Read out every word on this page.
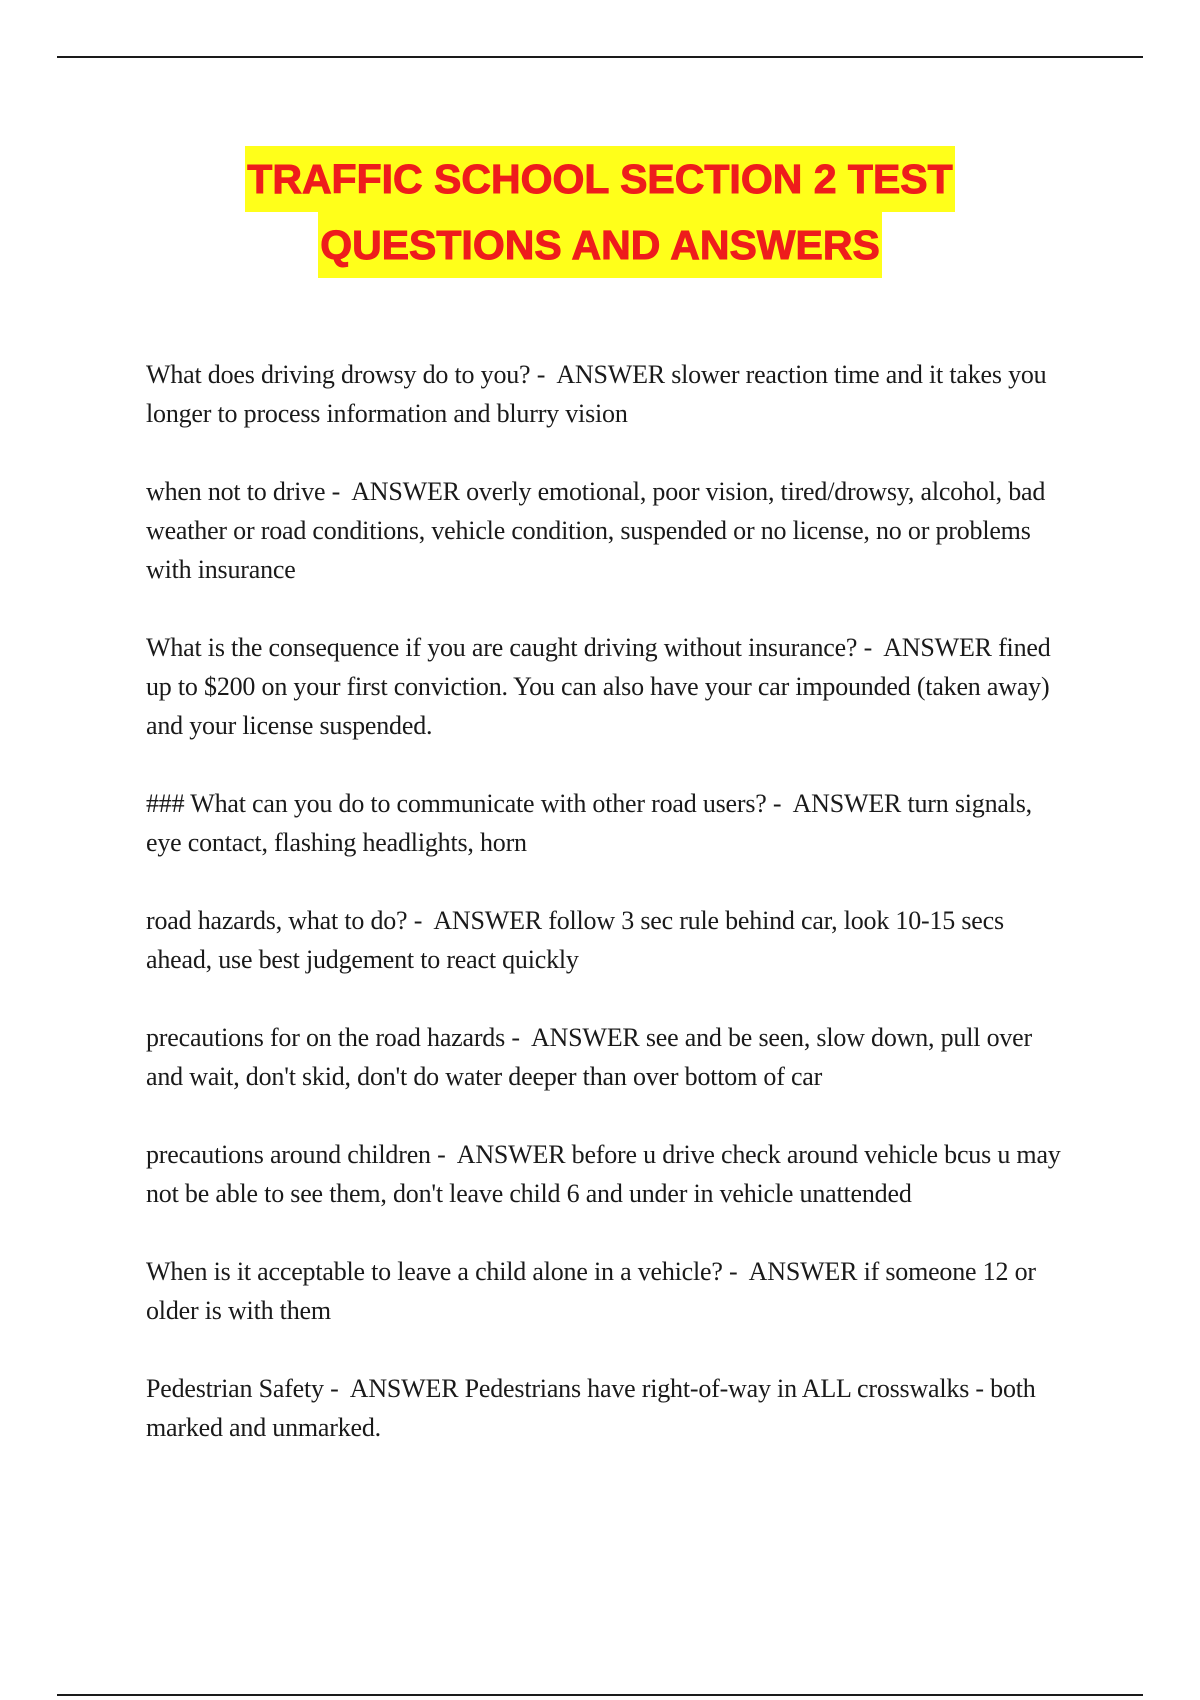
TRAFFIC SCHOOL SECTION 2 TEST
QUESTIONS AND ANSWERS

What does driving drowsy do to you? -  ANSWER slower reaction time and it takes you longer to process information and blurry vision

when not to drive -  ANSWER overly emotional, poor vision, tired/drowsy, alcohol, bad weather or road conditions, vehicle condition, suspended or no license, no or problems with insurance

What is the consequence if you are caught driving without insurance? -  ANSWER fined up to $200 on your first conviction. You can also have your car impounded (taken away) and your license suspended.

### What can you do to communicate with other road users? -  ANSWER turn signals, eye contact, flashing headlights, horn

road hazards, what to do? -  ANSWER follow 3 sec rule behind car, look 10-15 secs ahead, use best judgement to react quickly

precautions for on the road hazards -  ANSWER see and be seen, slow down, pull over and wait, don't skid, don't do water deeper than over bottom of car

precautions around children -  ANSWER before u drive check around vehicle bcus u may not be able to see them, don't leave child 6 and under in vehicle unattended

When is it acceptable to leave a child alone in a vehicle? -  ANSWER if someone 12 or older is with them

Pedestrian Safety -  ANSWER Pedestrians have right-of-way in ALL crosswalks - both marked and unmarked.
